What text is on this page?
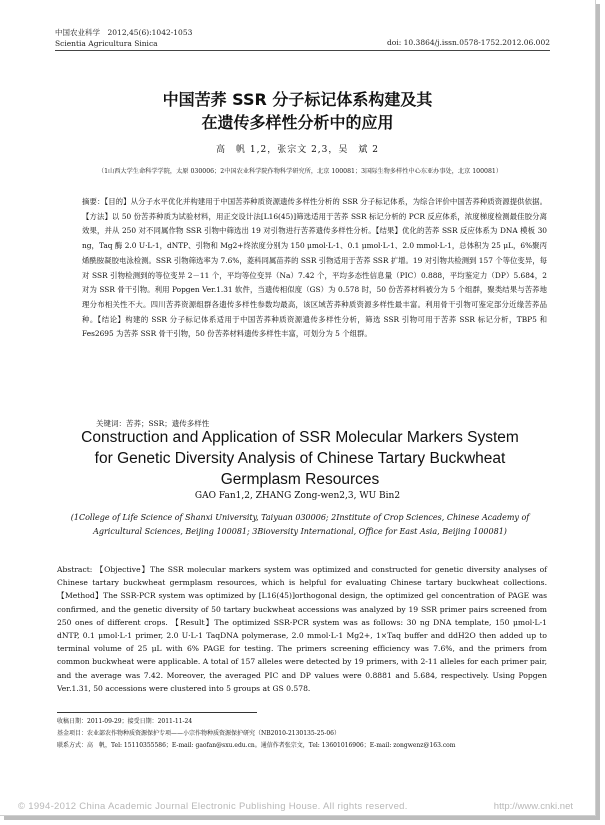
中国农业科学　2012,45(6):1042-1053
Scientia Agricultura Sinica	doi: 10.3864/j.issn.0578-1752.2012.06.002
中国苦荞 SSR 分子标记体系构建及其
在遗传多样性分析中的应用
高　帆 1,2，张宗文 2,3，吴　斌 2
（1山西大学生命科学学院，太原 030006；2中国农业科学院作物科学研究所，北京 100081；3国际生物多样性中心东亚办事处，北京 100081）
摘要：【目的】从分子水平优化并构建用于中国苦荞种质资源遗传多样性分析的 SSR 分子标记体系，为综合评价中国苦荞种质资源提供依据。【方法】以 50 份苦荞种质为试验材料，用正交设计法[L16(45)]筛选适用于苦荞 SSR 标记分析的 PCR 反应体系，浓度梯度检测最佳胶分离效果，并从 250 对不同属作物 SSR 引物中筛选出 19 对引物进行苦荞遗传多样性分析。【结果】优化的苦荞 SSR 反应体系为 DNA 模板 30 ng，Taq 酶 2.0 U·L-1，dNTP、引物和 Mg2+终浓度分别为 150 μmol·L-1、0.1 μmol·L-1、2.0 mmol·L-1，总体积为 25 μL，6%聚丙烯酰胺凝胶电泳检测。SSR 引物筛选率为 7.6%，菱科同属苗荞的 SSR 引物适用于苦荞 SSR 扩增。19 对引物共检测到 157 个等位变异，每对 SSR 引物检测到的等位变异 2－11 个，平均等位变异（Na）7.42 个，平均多态性信息量（PIC）0.888，平均鉴定力（DP）5.684，2 对为 SSR 骨干引物。利用 Popgen Ver.1.31 软件，当遗传相似度（GS）为 0.578 时，50 份苦荞材料被分为 5 个组群，聚类结果与苦荞地理分布相关性不大。四川苦荞资源组群各遗传多样性参数均最高，该区域苦荞种质资源多样性最丰富。利用骨干引物可鉴定部分近缘苦荞品种。【结论】构建的 SSR 分子标记体系适用于中国苦荞种质资源遗传多样性分析，筛选 SSR 引物可用于苦荞 SSR 标记分析，TBP5 和 Fes2695 为苦荞 SSR 骨干引物，50 份苦荞材料遗传多样性丰富，可划分为 5 个组群。
关键词：苦荞；SSR；遗传多样性
Construction and Application of SSR Molecular Markers System
for Genetic Diversity Analysis of Chinese Tartary Buckwheat
Germplasm Resources
GAO Fan1,2, ZHANG Zong-wen2,3, WU Bin2
(1College of Life Science of Shanxi University, Taiyuan 030006; 2Institute of Crop Sciences, Chinese Academy of Agricultural Sciences, Beijing 100081; 3Bioversity International, Office for East Asia, Beijing 100081)
Abstract: 【Objective】The SSR molecular markers system was optimized and constructed for genetic diversity analyses of Chinese tartary buckwheat germplasm resources, which is helpful for evaluating Chinese tartary buckwheat collections. 【Method】The SSR-PCR system was optimized by [L16(45)]orthogonal design, the optimized gel concentration of PAGE was confirmed, and the genetic diversity of 50 tartary buckwheat accessions was analyzed by 19 SSR primer pairs screened from 250 ones of different crops. 【Result】The optimized SSR-PCR system was as follows: 30 ng DNA template, 150 μmol·L-1 dNTP, 0.1 μmol·L-1 primer, 2.0 U·L-1 TaqDNA polymerase, 2.0 mmol·L-1 Mg2+, 1×Taq buffer and ddH2O then added up to terminal volume of 25 μL with 6% PAGE for testing. The primers screening efficiency was 7.6%, and the primers from common buckwheat were applicable. A total of 157 alleles were detected by 19 primers, with 2-11 alleles for each primer pair, and the average was 7.42. Moreover, the averaged PIC and DP values were 0.8881 and 5.684, respectively. Using Popgen Ver.1.31, 50 accessions were clustered into 5 groups at GS 0.578.
收稿日期：2011-09-29；接受日期：2011-11-24
基金项目：农业部农作物种质资源保护专项——小宗作物种质资源保护研究（NB2010-2130135-25-06）
联系方式：高　帆，Tel: 15110355586；E-mail: gaofan@sxu.edu.cn。通信作者张宗文，Tel: 13601016906；E-mail: zongwenz@163.com
© 1994-2012 China Academic Journal Electronic Publishing House. All rights reserved.	http://www.cnki.net
